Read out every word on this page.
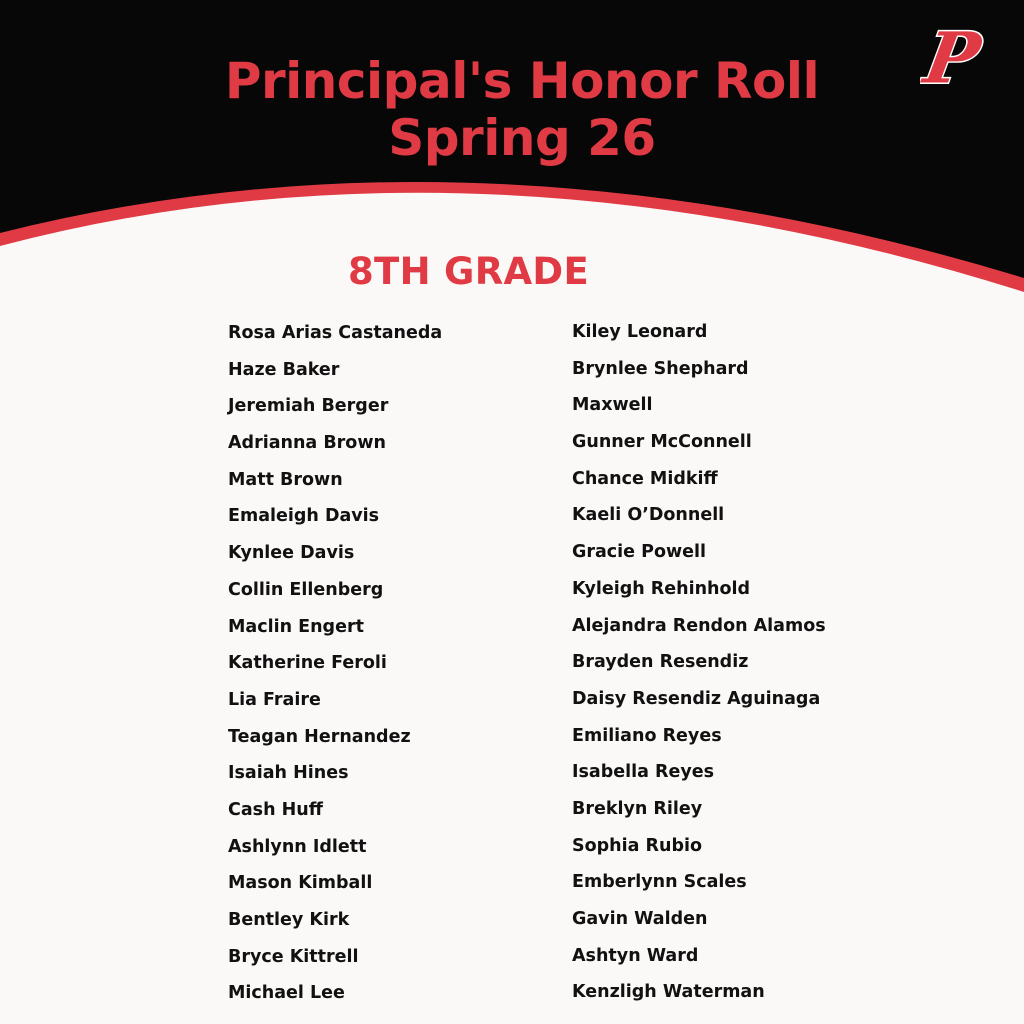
P
Principal's Honor Roll
Spring 26
8TH GRADE
Rosa Arias Castaneda
Haze Baker
Jeremiah Berger
Adrianna Brown
Matt Brown
Emaleigh Davis
Kynlee Davis
Collin Ellenberg
Maclin Engert
Katherine Feroli
Lia Fraire
Teagan Hernandez
Isaiah Hines
Cash Huff
Ashlynn Idlett
Mason Kimball
Bentley Kirk
Bryce Kittrell
Michael Lee
Kiley Leonard
Brynlee Shephard
Maxwell
Gunner McConnell
Chance Midkiff
Kaeli O’Donnell
Gracie Powell
Kyleigh Rehinhold
Alejandra Rendon Alamos
Brayden Resendiz
Daisy Resendiz Aguinaga
Emiliano Reyes
Isabella Reyes
Breklyn Riley
Sophia Rubio
Emberlynn Scales
Gavin Walden
Ashtyn Ward
Kenzligh Waterman
